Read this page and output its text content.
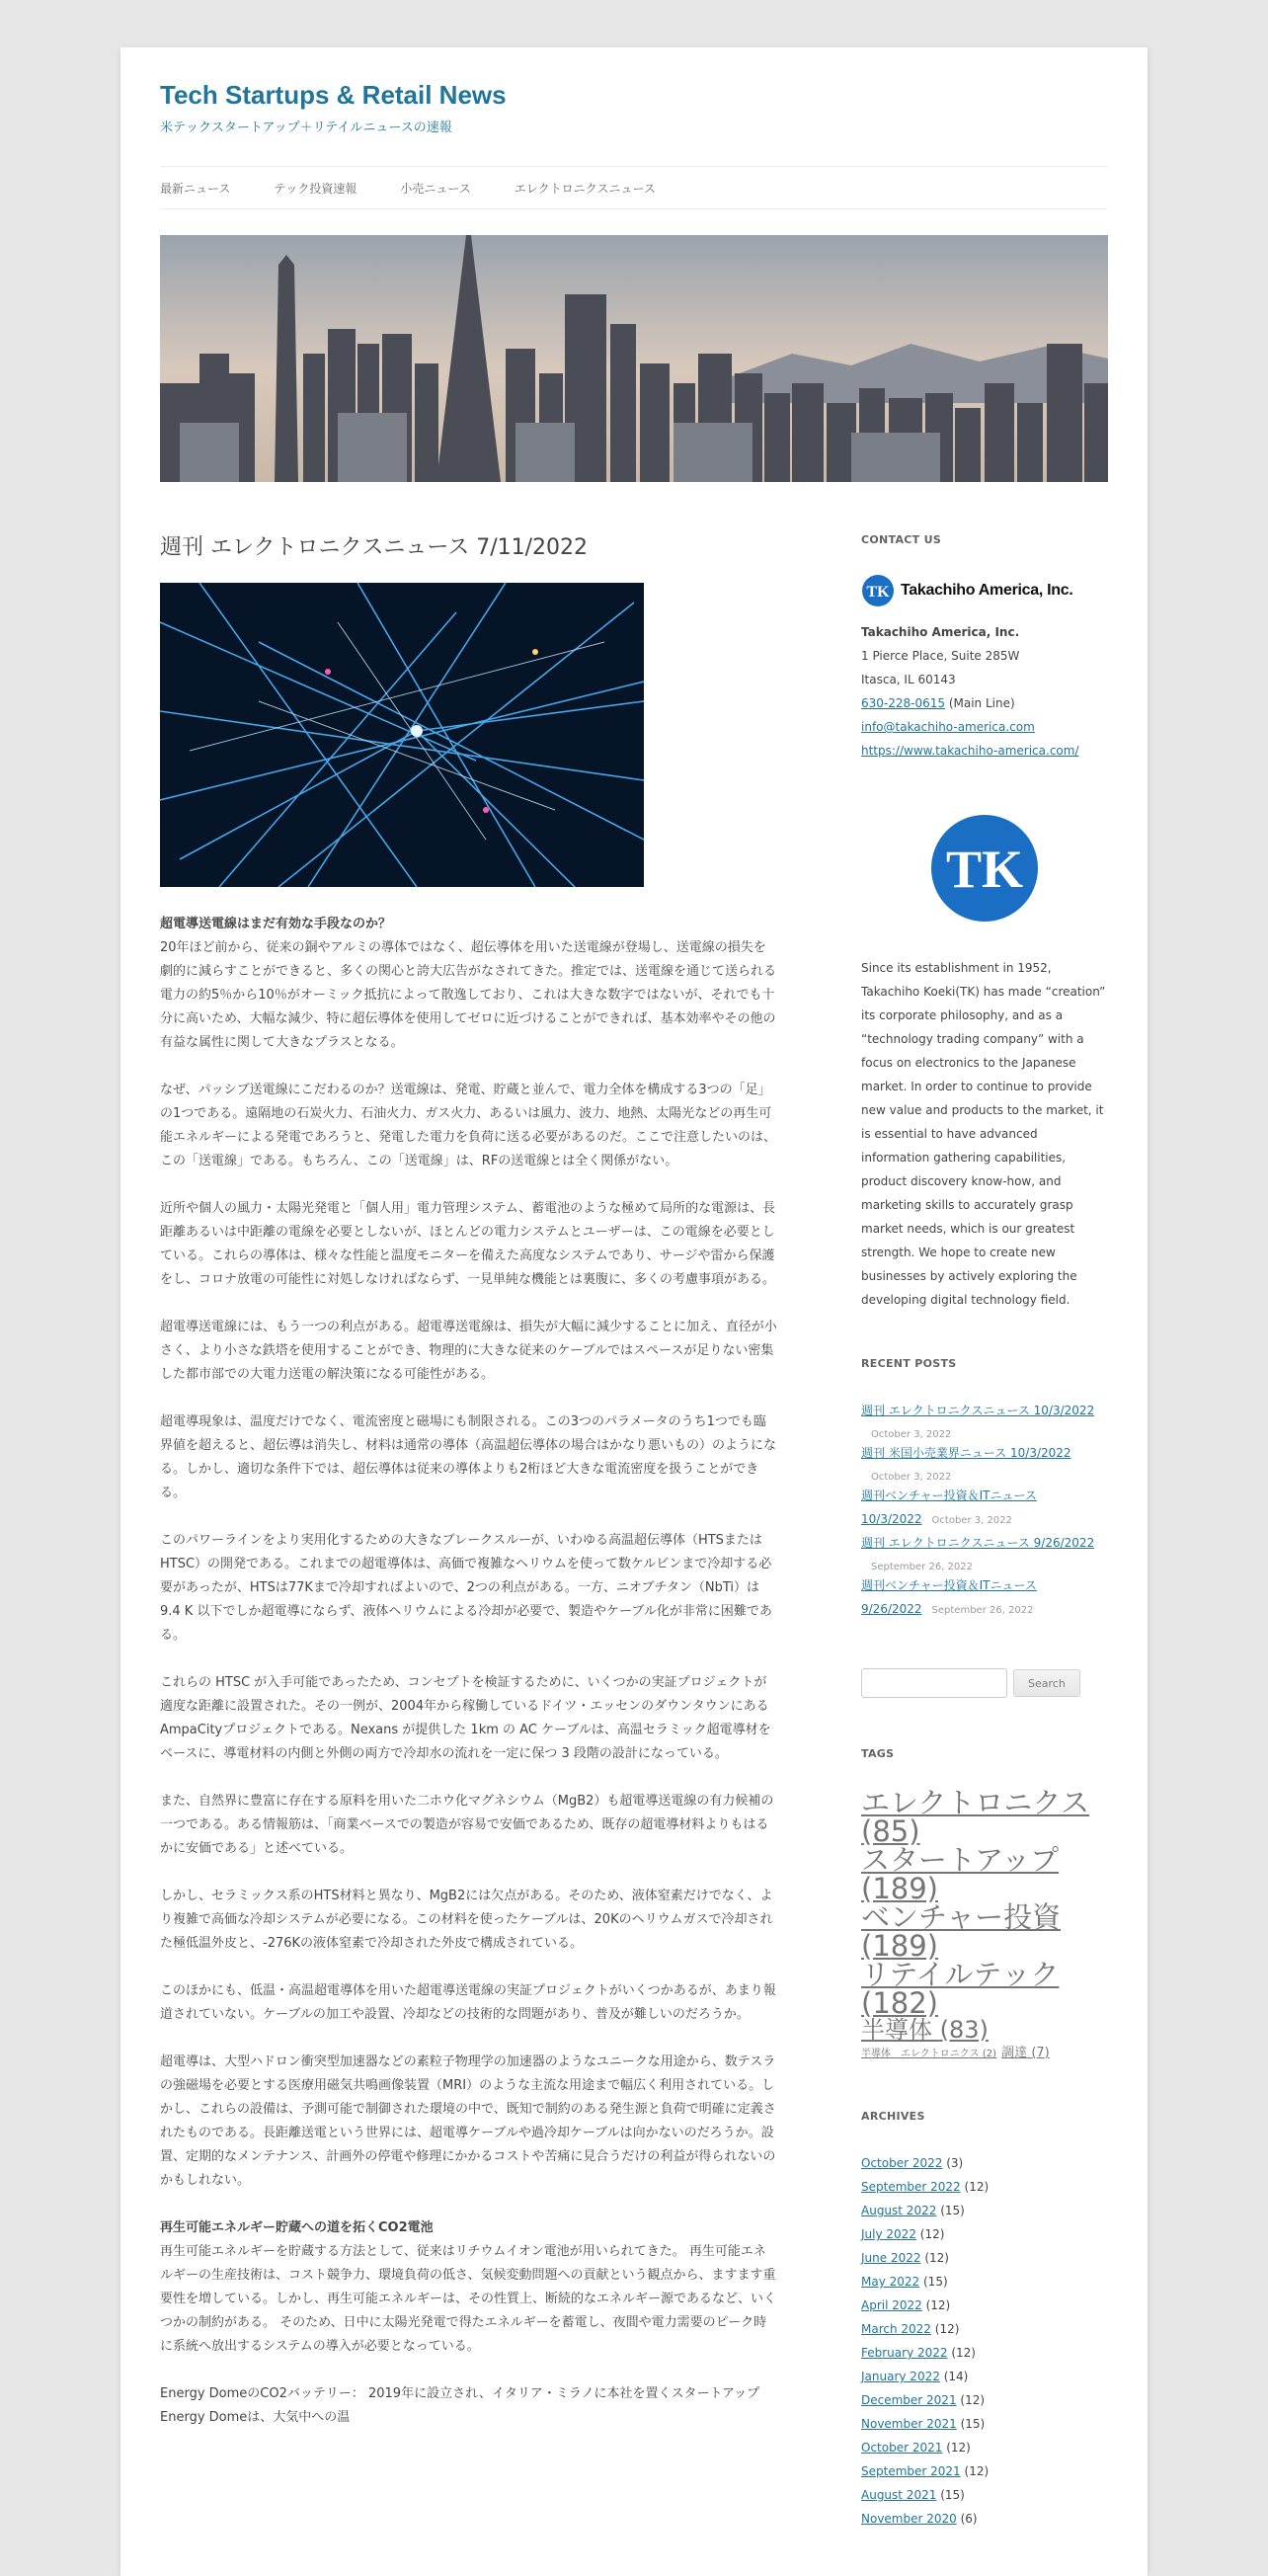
Tech Startups & Retail News
米テックスタートアップ＋リテイルニュースの速報
最新ニュース	テック投資速報	小売ニュース	エレクトロニクスニュース
週刊 エレクトロニクスニュース 7/11/2022

超電導送電線はまだ有効な手段なのか？
20年ほど前から、従来の銅やアルミの導体ではなく、超伝導体を用いた送電線が登場し、送電線の損失を劇的に減らすことができると、多くの関心と誇大広告がなされてきた。推定では、送電線を通じて送られる電力の約5％から10％がオーミック抵抗によって散逸しており、これは大きな数字ではないが、それでも十分に高いため、大幅な減少、特に超伝導体を使用してゼロに近づけることができれば、基本効率やその他の有益な属性に関して大きなプラスとなる。

なぜ、パッシブ送電線にこだわるのか？送電線は、発電、貯蔵と並んで、電力全体を構成する3つの「足」の1つである。遠隔地の石炭火力、石油火力、ガス火力、あるいは風力、波力、地熱、太陽光などの再生可能エネルギーによる発電であろうと、発電した電力を負荷に送る必要があるのだ。ここで注意したいのは、この「送電線」である。もちろん、この「送電線」は、RFの送電線とは全く関係がない。

近所や個人の風力・太陽光発電と「個人用」電力管理システム、蓄電池のような極めて局所的な電源は、長距離あるいは中距離の電線を必要としないが、ほとんどの電力システムとユーザーは、この電線を必要としている。これらの導体は、様々な性能と温度モニターを備えた高度なシステムであり、サージや雷から保護をし、コロナ放電の可能性に対処しなければならず、一見単純な機能とは裏腹に、多くの考慮事項がある。

超電導送電線には、もう一つの利点がある。超電導送電線は、損失が大幅に減少することに加え、直径が小さく、より小さな鉄塔を使用することができ、物理的に大きな従来のケーブルではスペースが足りない密集した都市部での大電力送電の解決策になる可能性がある。

超電導現象は、温度だけでなく、電流密度と磁場にも制限される。この3つのパラメータのうち1つでも臨界値を超えると、超伝導は消失し、材料は通常の導体（高温超伝導体の場合はかなり悪いもの）のようになる。しかし、適切な条件下では、超伝導体は従来の導体よりも2桁ほど大きな電流密度を扱うことができる。

このパワーラインをより実用化するための大きなブレークスルーが、いわゆる高温超伝導体（HTSまたはHTSC）の開発である。これまでの超電導体は、高価で複雑なヘリウムを使って数ケルビンまで冷却する必要があったが、HTSは77Kまで冷却すればよいので、2つの利点がある。一方、ニオブチタン（NbTi）は 9.4 K 以下でしか超電導にならず、液体ヘリウムによる冷却が必要で、製造やケーブル化が非常に困難である。

これらの HTSC が入手可能であったため、コンセプトを検証するために、いくつかの実証プロジェクトが適度な距離に設置された。その一例が、2004年から稼働しているドイツ・エッセンのダウンタウンにあるAmpaCityプロジェクトである。Nexans が提供した 1km の AC ケーブルは、高温セラミック超電導材をベースに、導電材料の内側と外側の両方で冷却水の流れを一定に保つ 3 段階の設計になっている。

また、自然界に豊富に存在する原料を用いた二ホウ化マグネシウム（MgB2）も超電導送電線の有力候補の一つである。ある情報筋は、「商業ベースでの製造が容易で安価であるため、既存の超電導材料よりもはるかに安価である」と述べている。

しかし、セラミックス系のHTS材料と異なり、MgB2には欠点がある。そのため、液体窒素だけでなく、より複雑で高価な冷却システムが必要になる。この材料を使ったケーブルは、20Kのヘリウムガスで冷却された極低温外皮と、-276Kの液体窒素で冷却された外皮で構成されている。

このほかにも、低温・高温超電導体を用いた超電導送電線の実証プロジェクトがいくつかあるが、あまり報道されていない。ケーブルの加工や設置、冷却などの技術的な問題があり、普及が難しいのだろうか。

超電導は、大型ハドロン衝突型加速器などの素粒子物理学の加速器のようなユニークな用途から、数テスラの強磁場を必要とする医療用磁気共鳴画像装置（MRI）のような主流な用途まで幅広く利用されている。しかし、これらの設備は、予測可能で制御された環境の中で、既知で制約のある発生源と負荷で明確に定義されたものである。長距離送電という世界には、超電導ケーブルや過冷却ケーブルは向かないのだろうか。設置、定期的なメンテナンス、計画外の停電や修理にかかるコストや苦痛に見合うだけの利益が得られないのかもしれない。

再生可能エネルギー貯蔵への道を拓くCO2電池
再生可能エネルギーを貯蔵する方法として、従来はリチウムイオン電池が用いられてきた。 再生可能エネルギーの生産技術は、コスト競争力、環境負荷の低さ、気候変動問題への貢献という観点から、ますます重要性を増している。しかし、再生可能エネルギーは、その性質上、断続的なエネルギー源であるなど、いくつかの制約がある。 そのため、日中に太陽光発電で得たエネルギーを蓄電し、夜間や電力需要のピーク時に系統へ放出するシステムの導入が必要となっている。

Energy DomeのCO2バッテリー： 2019年に設立され、イタリア・ミラノに本社を置くスタートアップEnergy Domeは、大気中への温

CONTACT US
TK Takachiho America, Inc.
Takachiho America, Inc.
1 Pierce Place, Suite 285W
Itasca, IL 60143
630-228-0615 (Main Line)
info@takachiho-america.com
https://www.takachiho-america.com/
TK
Since its establishment in 1952, Takachiho Koeki(TK) has made “creation” its corporate philosophy, and as a “technology trading company” with a focus on electronics to the Japanese market. In order to continue to provide new value and products to the market, it is essential to have advanced information gathering capabilities, product discovery know-how, and marketing skills to accurately grasp market needs, which is our greatest strength. We hope to create new businesses by actively exploring the developing digital technology field.
RECENT POSTS
週刊 エレクトロニクスニュース 10/3/2022
October 3, 2022
週刊 米国小売業界ニュース 10/3/2022
October 3, 2022
週刊ベンチャー投資＆ITニュース 10/3/2022 October 3, 2022
週刊 エレクトロニクスニュース 9/26/2022
September 26, 2022
週刊ベンチャー投資＆ITニュース 9/26/2022 September 26, 2022
Search
TAGS
エレクトロニクス
(85)
スタートアップ
(189)
ベンチャー投資
(189)
リテイルテック
(182)
半導体 (83)
半導体　エレクトロニクス (2) 調達 (7)
ARCHIVES
October 2022 (3)
September 2022 (12)
August 2022 (15)
July 2022 (12)
June 2022 (12)
May 2022 (15)
April 2022 (12)
March 2022 (12)
February 2022 (12)
January 2022 (14)
December 2021 (12)
November 2021 (15)
October 2021 (12)
September 2021 (12)
August 2021 (15)
November 2020 (6)
